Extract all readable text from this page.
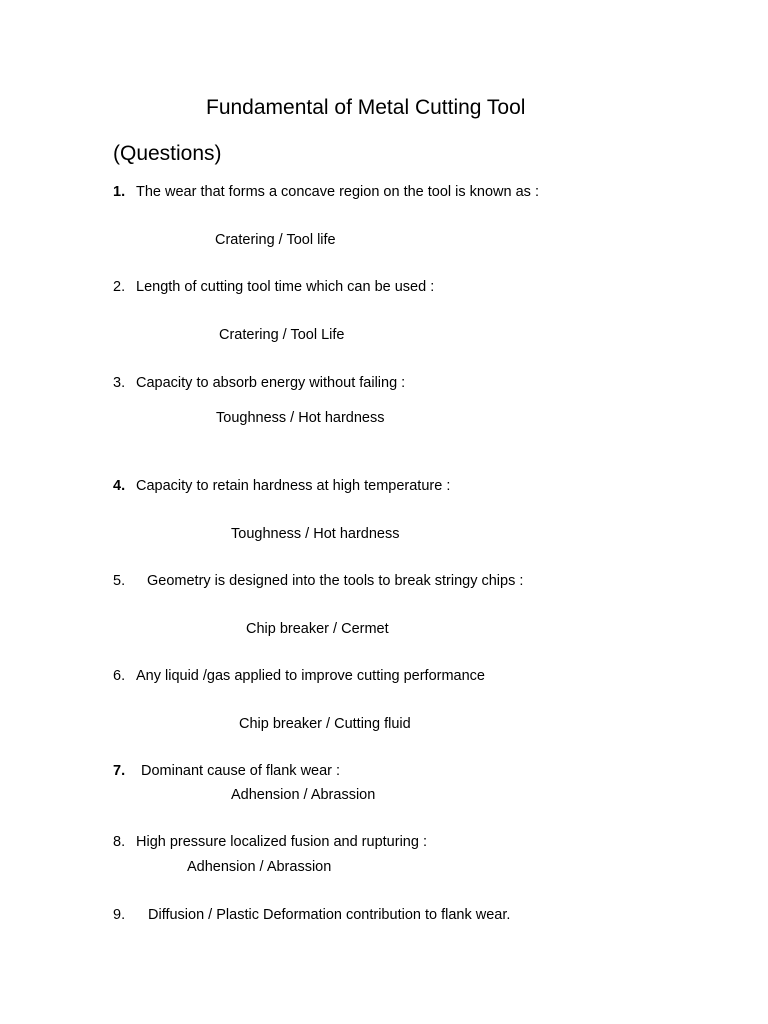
Fundamental of Metal Cutting Tool
(Questions)
1. The wear that forms a concave region on the tool is known as :
Cratering / Tool life
2. Length of cutting tool time which can be used :
Cratering / Tool Life
3. Capacity to absorb energy without failing :
Toughness / Hot hardness
4. Capacity to retain hardness at high temperature :
Toughness / Hot hardness
5. Geometry is designed into the tools to break stringy chips :
Chip breaker / Cermet
6. Any liquid /gas applied to improve cutting performance
Chip breaker / Cutting fluid
7. Dominant cause of flank wear :
Adhension / Abrassion
8. High pressure localized fusion and rupturing :
Adhension / Abrassion
9. Diffusion / Plastic Deformation contribution to flank wear.
